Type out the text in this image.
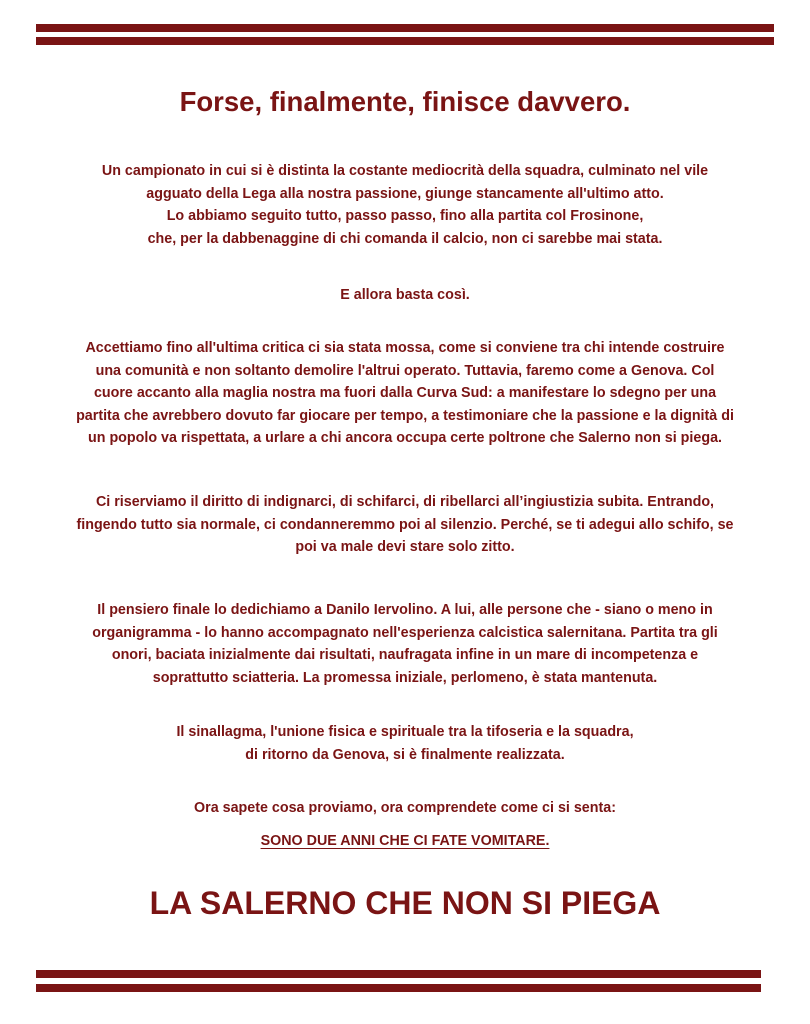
Forse, finalmente, finisce davvero.

Un campionato in cui si è distinta la costante mediocrità della squadra, culminato nel vile

agguato della Lega alla nostra passione, giunge stancamente all'ultimo atto.

Lo abbiamo seguito tutto, passo passo, fino alla partita col Frosinone,

che, per la dabbenaggine di chi comanda il calcio, non ci sarebbe mai stata.

E allora basta così.

Accettiamo fino all'ultima critica ci sia stata mossa, come si conviene tra chi intende costruire

una comunità e non soltanto demolire l'altrui operato. Tuttavia, faremo come a Genova. Col

cuore accanto alla maglia nostra ma fuori dalla Curva Sud: a manifestare lo sdegno per una

partita che avrebbero dovuto far giocare per tempo, a testimoniare che la passione e la dignità di

un popolo va rispettata, a urlare a chi ancora occupa certe poltrone che Salerno non si piega.

Ci riserviamo il diritto di indignarci, di schifarci, di ribellarci all’ingiustizia subita. Entrando,

fingendo tutto sia normale, ci condanneremmo poi al silenzio. Perché, se ti adegui allo schifo, se

poi va male devi stare solo zitto.

Il pensiero finale lo dedichiamo a Danilo Iervolino. A lui, alle persone che - siano o meno in

organigramma - lo hanno accompagnato nell'esperienza calcistica salernitana. Partita tra gli

onori, baciata inizialmente dai risultati, naufragata infine in un mare di incompetenza e

soprattutto sciatteria. La promessa iniziale, perlomeno, è stata mantenuta.

Il sinallagma, l'unione fisica e spirituale tra la tifoseria e la squadra,

di ritorno da Genova, si è finalmente realizzata.

Ora sapete cosa proviamo, ora comprendete come ci si senta:

SONO DUE ANNI CHE CI FATE VOMITARE.

LA SALERNO CHE NON SI PIEGA
